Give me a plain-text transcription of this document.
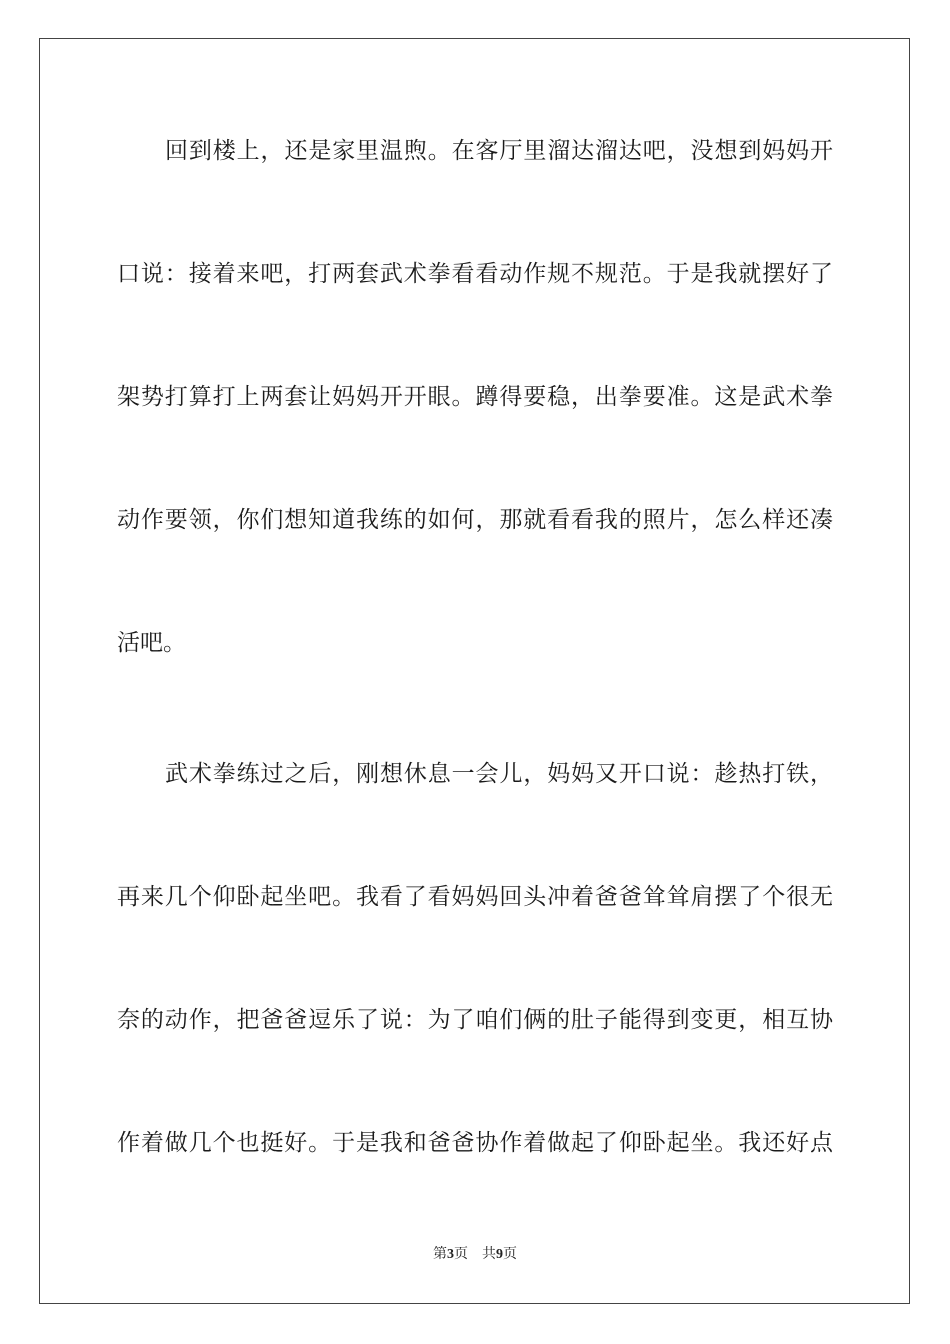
回到楼上，还是家里温煦。在客厅里溜达溜达吧，没想到妈妈开
口说：接着来吧，打两套武术拳看看动作规不规范。于是我就摆好了
架势打算打上两套让妈妈开开眼。蹲得要稳，出拳要准。这是武术拳
动作要领，你们想知道我练的如何，那就看看我的照片，怎么样还凑
活吧。
武术拳练过之后，刚想休息一会儿，妈妈又开口说：趁热打铁，
再来几个仰卧起坐吧。我看了看妈妈回头冲着爸爸耸耸肩摆了个很无
奈的动作，把爸爸逗乐了说：为了咱们俩的肚子能得到变更，相互协
作着做几个也挺好。于是我和爸爸协作着做起了仰卧起坐。我还好点
第3页 共9页
